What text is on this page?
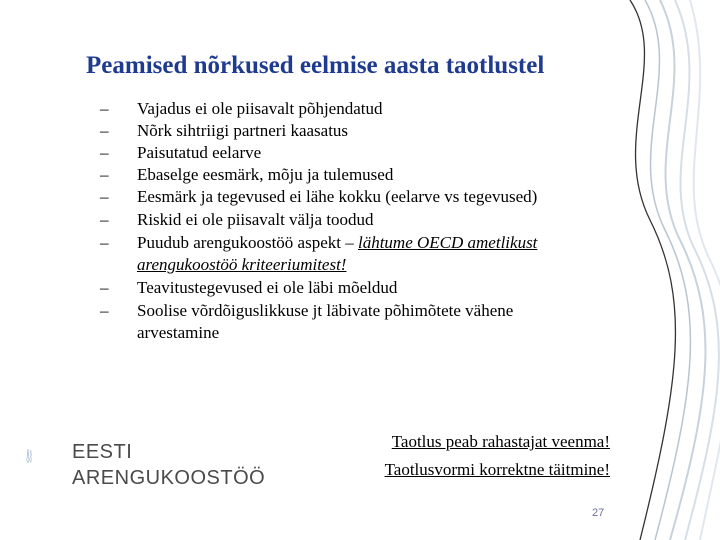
Peamised nõrkused eelmise aasta taotlustel
– Vajadus ei ole piisavalt põhjendatud
– Nõrk sihtriigi partneri kaasatus
– Paisutatud eelarve
– Ebaselge eesmärk, mõju ja tulemused
– Eesmärk ja tegevused ei lähe kokku (eelarve vs tegevused)
– Riskid ei ole piisavalt välja toodud
– Puudub arengukoostöö aspekt – lähtume OECD ametlikust arengukoostöö kriteeriumitest!
– Teavitustegevused ei ole läbi mõeldud
– Soolise võrdõiguslikkuse jt läbivate põhimõtete vähene arvestamine
Taotlus peab rahastajat veenma!
Taotlusvormi korrektne täitmine!
EESTI
ARENGUKOOSTÖÖ
27
